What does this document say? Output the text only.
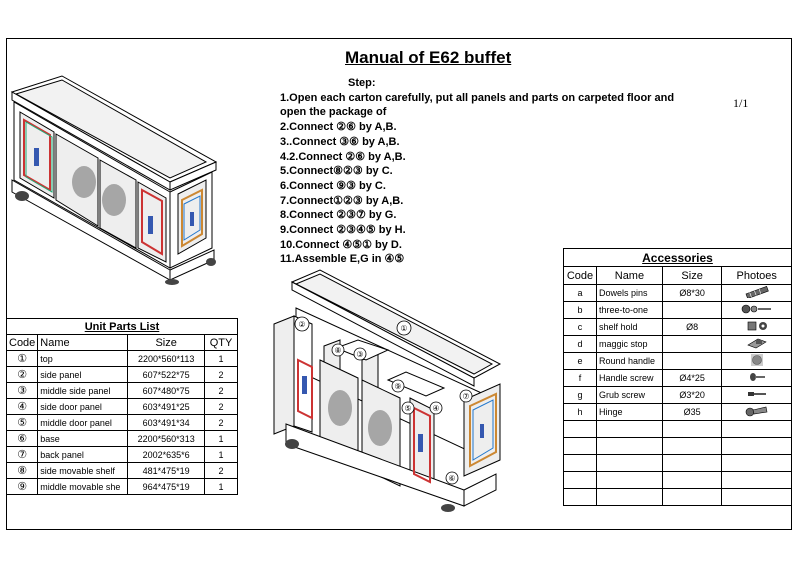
Manual of E62 buffet
1/1
Step:
1.Open each carton carefully, put all panels and parts on carpeted floor and
open the package of
2.Connect ②⑥ by A,B.
3..Connect ③⑥ by A,B.
4.2.Connect ②⑥ by A,B.
5.Connect⑧②③ by C.
6.Connect ⑨③ by C.
7.Connect①②③ by A,B.
8.Connect ②③⑦ by G.
9.Connect ②③④⑤ by H.
10.Connect ④⑤① by D.
11.Assemble E,G in ④⑤
①
②
⑧ ③
⑨
⑦
④
⑥
⑤
Unit Parts List			
Code	Name	Size	QTY
①	top	2200*560*113	1
②	side panel	607*522*75	2
③	middle side panel	607*480*75	2
④	side door panel	603*491*25	2
⑤	middle door panel	603*491*34	2
⑥	base	2200*560*313	1
⑦	back panel	2002*635*6	1
⑧	side movable shelf	481*475*19	2
⑨	middle movable she	964*475*19	1
Accessories			
Code	Name	Size	Photoes
a	Dowels pins	Ø8*30	
b	three-to-one		
c	shelf hold	Ø8	
d	maggic stop		
e	Round handle		
f	Handle screw	Ø4*25	
g	Grub screw	Ø3*20	
h	Hinge	Ø35	
